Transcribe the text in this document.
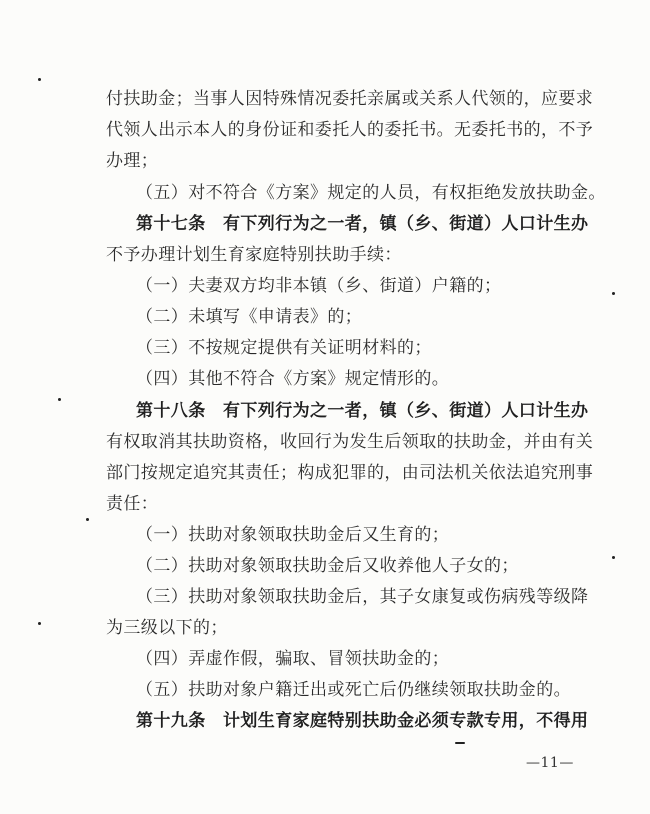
付扶助金；当事人因特殊情况委托亲属或关系人代领的，应要求
代领人出示本人的身份证和委托人的委托书。无委托书的，不予
办理；
（五）对不符合《方案》规定的人员，有权拒绝发放扶助金。
第十七条　有下列行为之一者，镇（乡、街道）人口计生办
不予办理计划生育家庭特别扶助手续：
（一）夫妻双方均非本镇（乡、街道）户籍的；
（二）未填写《申请表》的；
（三）不按规定提供有关证明材料的；
（四）其他不符合《方案》规定情形的。
第十八条　有下列行为之一者，镇（乡、街道）人口计生办
有权取消其扶助资格，收回行为发生后领取的扶助金，并由有关
部门按规定追究其责任；构成犯罪的，由司法机关依法追究刑事
责任：
（一）扶助对象领取扶助金后又生育的；
（二）扶助对象领取扶助金后又收养他人子女的；
（三）扶助对象领取扶助金后，其子女康复或伤病残等级降
为三级以下的；
（四）弄虚作假，骗取、冒领扶助金的；
（五）扶助对象户籍迁出或死亡后仍继续领取扶助金的。
第十九条　计划生育家庭特别扶助金必须专款专用，不得用
—11—
